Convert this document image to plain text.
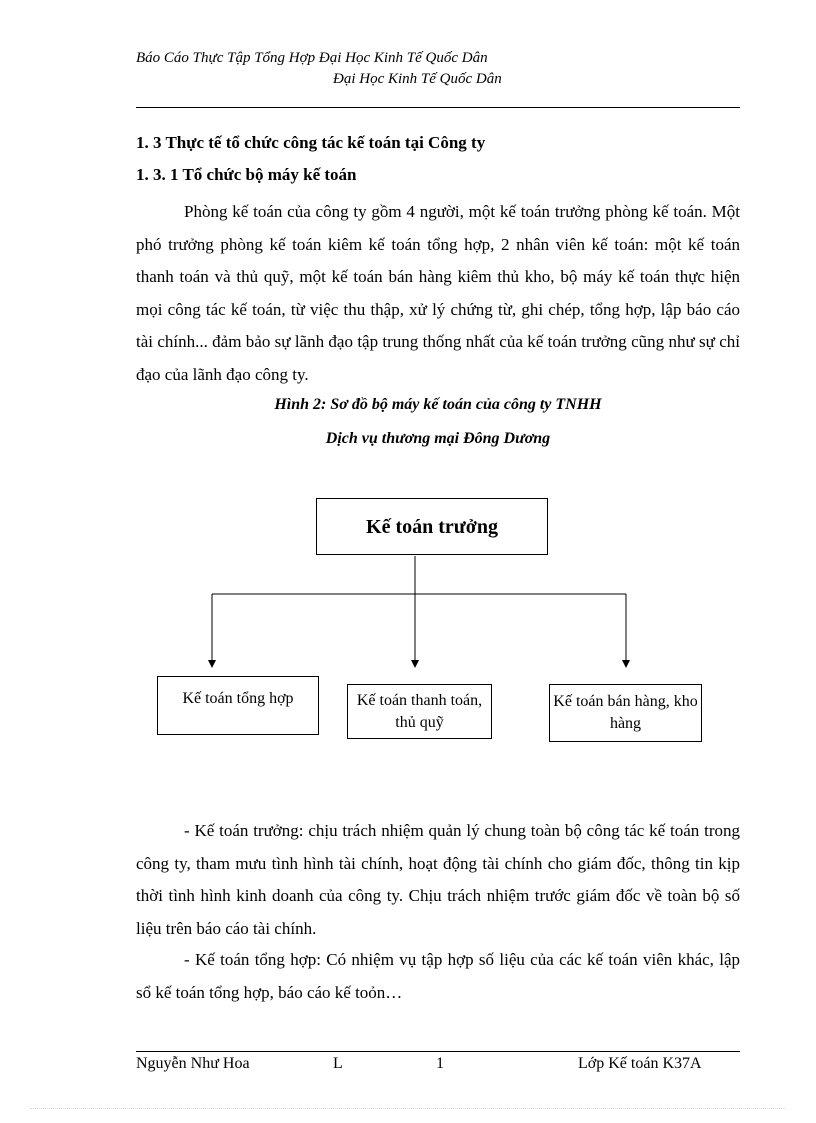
Báo Cáo Thực Tập Tổng Hợp Đại Học Kinh Tế Quốc Dân
Đại Học Kinh Tế Quốc Dân
1. 3 Thực tế tổ chức công tác kế toán tại Công ty
1. 3. 1 Tổ chức bộ máy kế toán

Phòng kế toán của công ty gồm 4 người, một kế toán trưởng phòng kế toán. Một phó trưởng phòng kế toán kiêm kế toán tổng hợp, 2 nhân viên kế toán: một kế toán thanh toán và thủ quỹ, một kế toán bán hàng kiêm thủ kho, bộ máy kế toán thực hiện mọi công tác kế toán, từ việc thu thập, xử lý chứng từ, ghi chép, tổng hợp, lập báo cáo tài chính... đảm bảo sự lãnh đạo tập trung thống nhất của kế toán trưởng cũng như sự chỉ đạo của lãnh đạo công ty.

Hình 2: Sơ đồ bộ máy kế toán của công ty TNHH
Dịch vụ thương mại Đông Dương
Kế toán trưởng
Kế toán tổng hợp	Kế toán thanh toán, thủ quỹ
Kế toán bán hàng, kho hàng

- Kế toán trưởng: chịu trách nhiệm quản lý chung toàn bộ công tác kế toán trong công ty, tham mưu tình hình tài chính, hoạt động tài chính cho giám đốc, thông tin kịp thời tình hình kinh doanh của công ty. Chịu trách nhiệm trước giám đốc về toàn bộ số liệu trên báo cáo tài chính.

- Kế toán tổng hợp: Có nhiệm vụ tập hợp số liệu của các kế toán viên khác, lập sổ kế toán tổng hợp, báo cáo kế toỏn…

Nguyễn Như Hoa	L	1	Lớp Kế toán K37A
